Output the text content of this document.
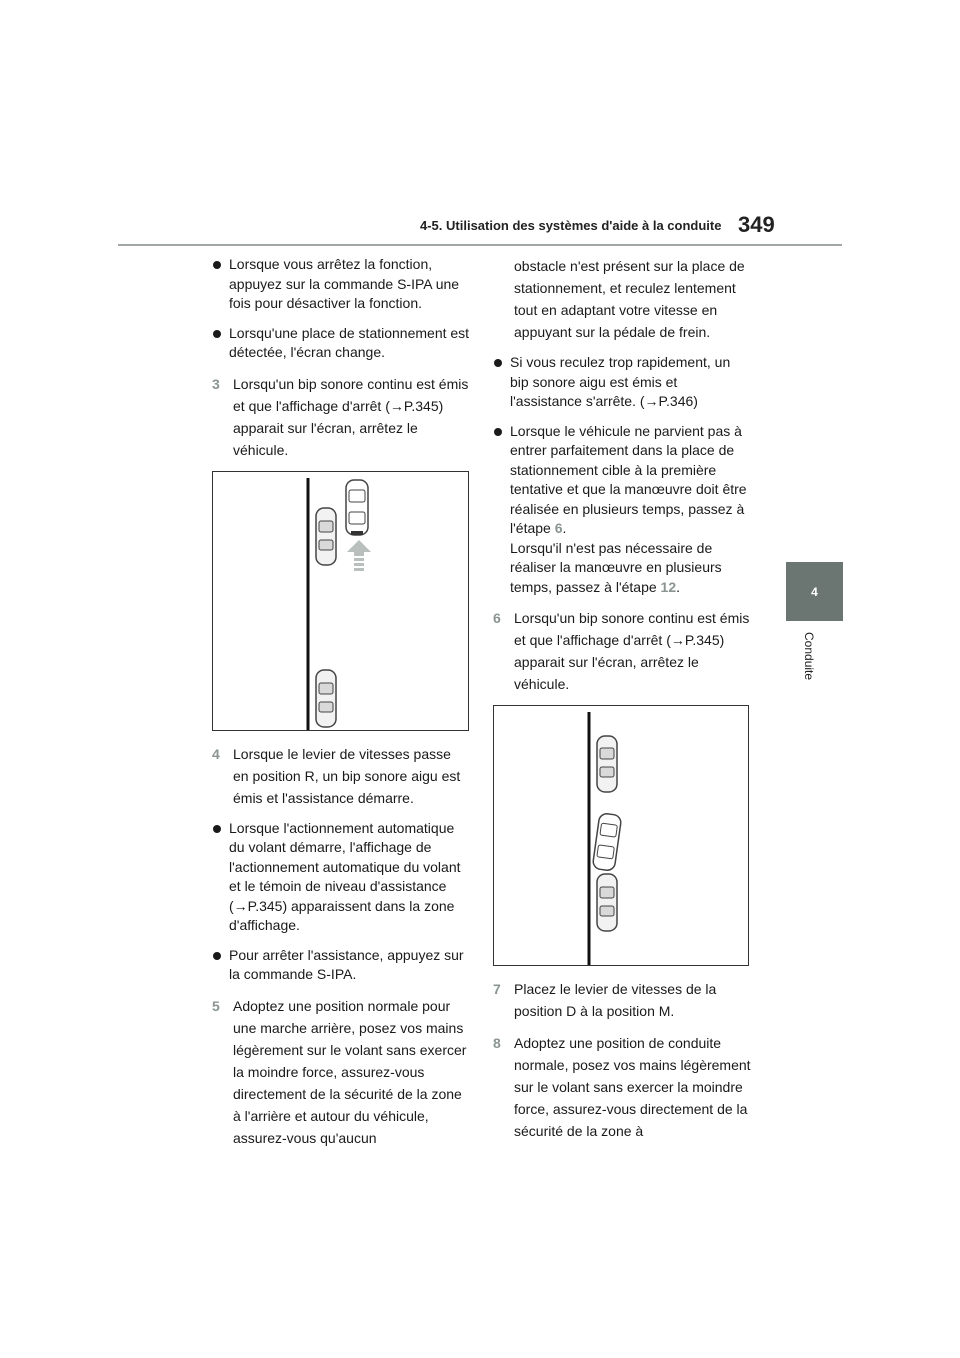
4-5. Utilisation des systèmes d'aide à la conduite 349
4
Conduite
Lorsque vous arrêtez la fonction, appuyez sur la commande S-IPA une fois pour désactiver la fonction.
Lorsqu'une place de stationnement est détectée, l'écran change.
3 Lorsqu'un bip sonore continu est émis et que l'affichage d'arrêt (→P.345) apparait sur l'écran, arrêtez le véhicule.
4 Lorsque le levier de vitesses passe en position R, un bip sonore aigu est émis et l'assistance démarre.
Lorsque l'actionnement automatique du volant démarre, l'affichage de l'actionnement automatique du volant et le témoin de niveau d'assistance (→P.345) apparaissent dans la zone d'affichage.
Pour arrêter l'assistance, appuyez sur la commande S-IPA.
5 Adoptez une position normale pour une marche arrière, posez vos mains légèrement sur le volant sans exercer la moindre force, assurez-vous directement de la sécurité de la zone à l'arrière et autour du véhicule, assurez-vous qu'aucun
obstacle n'est présent sur la place de stationnement, et reculez lentement tout en adaptant votre vitesse en appuyant sur la pédale de frein.
Si vous reculez trop rapidement, un bip sonore aigu est émis et l'assistance s'arrête. (→P.346)
Lorsque le véhicule ne parvient pas à entrer parfaitement dans la place de stationnement cible à la première tentative et que la manœuvre doit être réalisée en plusieurs temps, passez à l'étape 6.
Lorsqu'il n'est pas nécessaire de réaliser la manœuvre en plusieurs temps, passez à l'étape 12.
6 Lorsqu'un bip sonore continu est émis et que l'affichage d'arrêt (→P.345) apparait sur l'écran, arrêtez le véhicule.
7 Placez le levier de vitesses de la position D à la position M.
8 Adoptez une position de conduite normale, posez vos mains légèrement sur le volant sans exercer la moindre force, assurez-vous directement de la sécurité de la zone à
